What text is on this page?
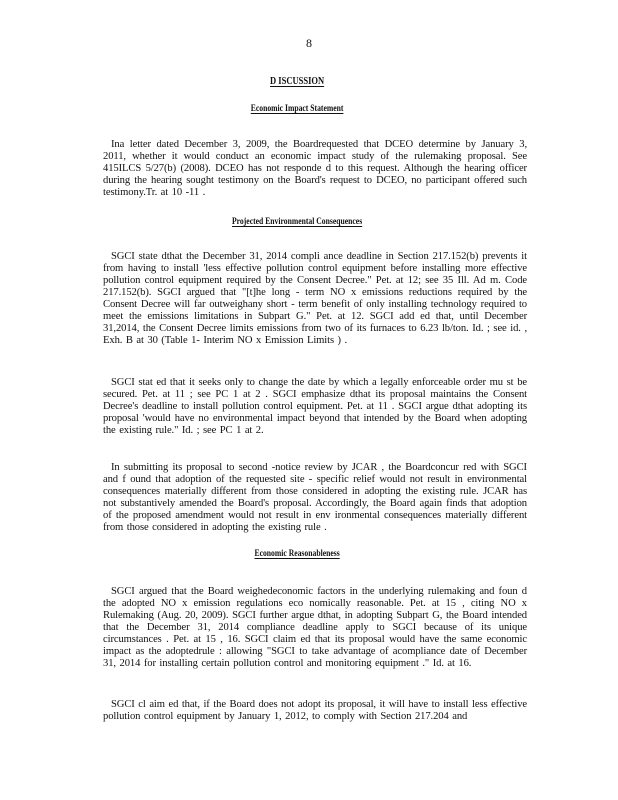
8
D ISCUSSION
Economic Impact Statement

Ina letter dated December 3, 2009, the Boardrequested that DCEO determine by January 3, 2011, whether it would conduct an economic impact study of the rulemaking proposal. See 415ILCS 5/27(b) (2008). DCEO has not responde d to this request. Although the hearing officer during the hearing sought testimony on the Board's request to DCEO, no participant offered such testimony.Tr. at 10 -11 .

Projected Environmental Consequences

SGCI state dthat the December 31, 2014 compli ance deadline in Section 217.152(b) prevents it from having to install 'less effective pollution control equipment before installing more effective pollution control equipment required by the Consent Decree." Pet. at 12; see 35 Ill. Ad m. Code 217.152(b). SGCI argued that "[t]he long - term NO x emissions reductions required by the Consent Decree will far outweighany short - term benefit of only installing technology required to meet the emissions limitations in Subpart G." Pet. at 12. SGCI add ed that, until December 31,2014, the Consent Decree limits emissions from two of its furnaces to 6.23 lb/ton. Id. ; see id. , Exh. B at 30 (Table 1- Interim NO x Emission Limits ) .

SGCI stat ed that it seeks only to change the date by which a legally enforceable order mu st be secured. Pet. at 11 ; see PC 1 at 2 . SGCI emphasize dthat its proposal maintains the Consent Decree's deadline to install pollution control equipment. Pet. at 11 . SGCI argue dthat adopting its proposal 'would have no environmental impact beyond that intended by the Board when adopting the existing rule." Id. ; see PC 1 at 2.

In submitting its proposal to second -notice review by JCAR , the Boardconcur red with SGCI and f ound that adoption of the requested site - specific relief would not result in environmental consequences materially different from those considered in adopting the existing rule. JCAR has not substantively amended the Board's proposal. Accordingly, the Board again finds that adoption of the proposed amendment would not result in env ironmental consequences materially different from those considered in adopting the existing rule .

Economic Reasonableness

SGCI argued that the Board weighedeconomic factors in the underlying rulemaking and foun d the adopted NO x emission regulations eco nomically reasonable. Pet. at 15 , citing NO x Rulemaking (Aug. 20, 2009). SGCI further argue dthat, in adopting Subpart G, the Board intended that the December 31, 2014 compliance deadline apply to SGCI because of its unique circumstances . Pet. at 15 , 16. SGCI claim ed that its proposal would have the same economic impact as the adoptedrule : allowing "SGCI to take advantage of acompliance date of December 31, 2014 for installing certain pollution control and monitoring equipment ." Id. at 16.

SGCI cl aim ed that, if the Board does not adopt its proposal, it will have to install less effective pollution control equipment by January 1, 2012, to comply with Section 217.204 and
